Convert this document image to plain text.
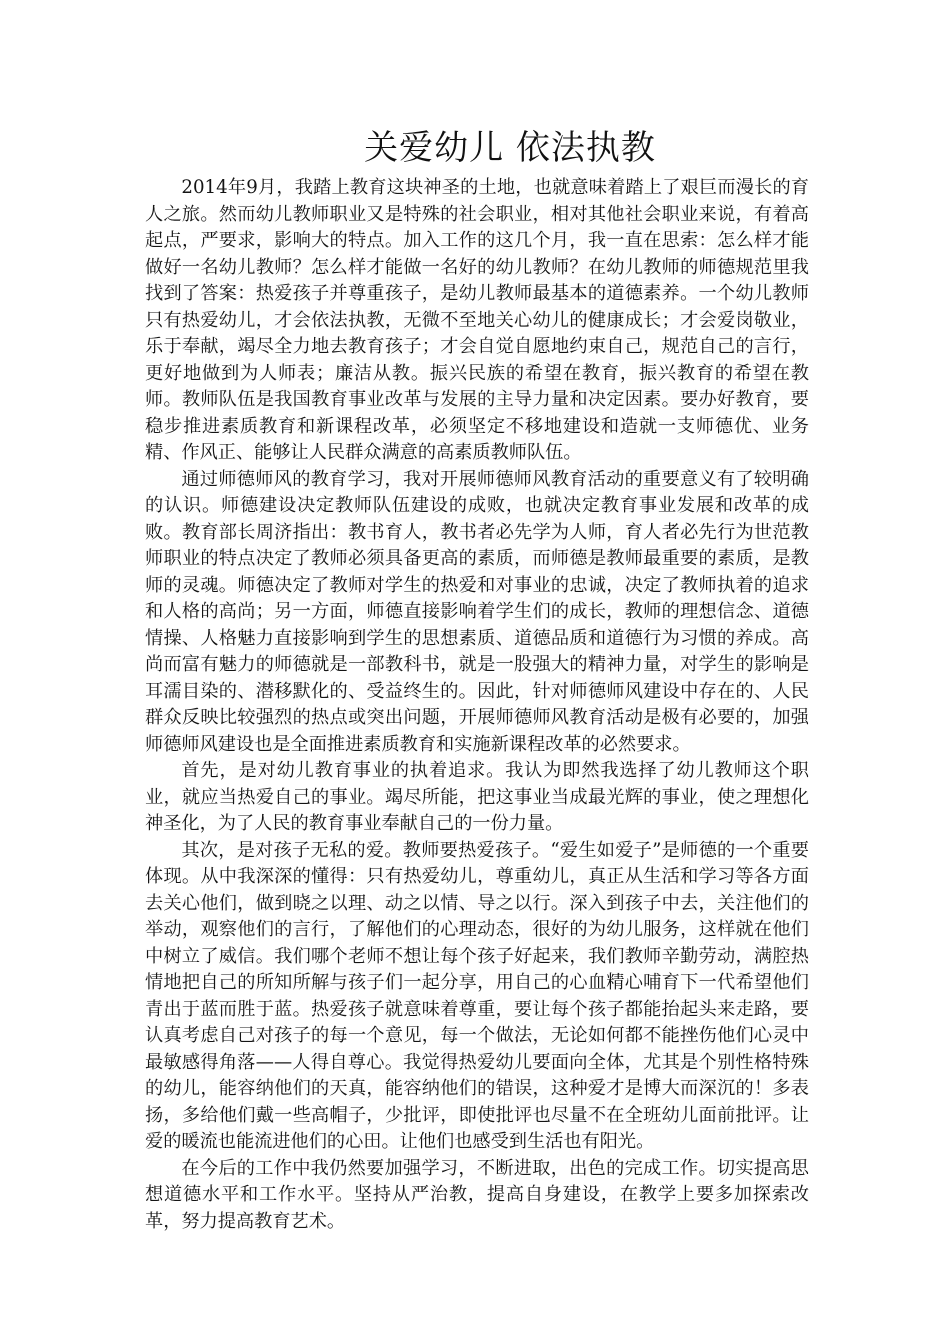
关爱幼儿 依法执教

2014年9月，我踏上教育这块神圣的土地，也就意味着踏上了艰巨而漫长的育人之旅。然而幼儿教师职业又是特殊的社会职业，相对其他社会职业来说，有着高起点，严要求，影响大的特点。加入工作的这几个月，我一直在思索：怎么样才能做好一名幼儿教师？怎么样才能做一名好的幼儿教师？在幼儿教师的师德规范里我找到了答案：热爱孩子并尊重孩子，是幼儿教师最基本的道德素养。一个幼儿教师只有热爱幼儿，才会依法执教，无微不至地关心幼儿的健康成长；才会爱岗敬业，乐于奉献，竭尽全力地去教育孩子；才会自觉自愿地约束自己，规范自己的言行，更好地做到为人师表；廉洁从教。振兴民族的希望在教育，振兴教育的希望在教师。教师队伍是我国教育事业改革与发展的主导力量和决定因素。要办好教育，要稳步推进素质教育和新课程改革，必须坚定不移地建设和造就一支师德优、业务精、作风正、能够让人民群众满意的高素质教师队伍。

通过师德师风的教育学习，我对开展师德师风教育活动的重要意义有了较明确的认识。师德建设决定教师队伍建设的成败，也就决定教育事业发展和改革的成败。教育部长周济指出：教书育人，教书者必先学为人师，育人者必先行为世范教师职业的特点决定了教师必须具备更高的素质，而师德是教师最重要的素质，是教师的灵魂。师德决定了教师对学生的热爱和对事业的忠诚，决定了教师执着的追求和人格的高尚；另一方面，师德直接影响着学生们的成长，教师的理想信念、道德情操、人格魅力直接影响到学生的思想素质、道德品质和道德行为习惯的养成。高尚而富有魅力的师德就是一部教科书，就是一股强大的精神力量，对学生的影响是耳濡目染的、潜移默化的、受益终生的。因此，针对师德师风建设中存在的、人民群众反映比较强烈的热点或突出问题，开展师德师风教育活动是极有必要的，加强师德师风建设也是全面推进素质教育和实施新课程改革的必然要求。

首先，是对幼儿教育事业的执着追求。我认为即然我选择了幼儿教师这个职业，就应当热爱自己的事业。竭尽所能，把这事业当成最光辉的事业，使之理想化神圣化，为了人民的教育事业奉献自己的一份力量。

其次，是对孩子无私的爱。教师要热爱孩子。“爱生如爱子”是师德的一个重要体现。从中我深深的懂得：只有热爱幼儿，尊重幼儿，真正从生活和学习等各方面去关心他们，做到晓之以理、动之以情、导之以行。深入到孩子中去，关注他们的举动，观察他们的言行，了解他们的心理动态，很好的为幼儿服务，这样就在他们中树立了威信。我们哪个老师不想让每个孩子好起来，我们教师辛勤劳动，满腔热情地把自己的所知所解与孩子们一起分享，用自己的心血精心哺育下一代希望他们青出于蓝而胜于蓝。热爱孩子就意味着尊重，要让每个孩子都能抬起头来走路，要认真考虑自己对孩子的每一个意见，每一个做法，无论如何都不能挫伤他们心灵中最敏感得角落——人得自尊心。我觉得热爱幼儿要面向全体，尤其是个别性格特殊的幼儿，能容纳他们的天真，能容纳他们的错误，这种爱才是博大而深沉的！多表扬，多给他们戴一些高帽子，少批评，即使批评也尽量不在全班幼儿面前批评。让爱的暖流也能流进他们的心田。让他们也感受到生活也有阳光。

在今后的工作中我仍然要加强学习，不断进取，出色的完成工作。切实提高思想道德水平和工作水平。坚持从严治教，提高自身建设，在教学上要多加探索改革，努力提高教育艺术。
